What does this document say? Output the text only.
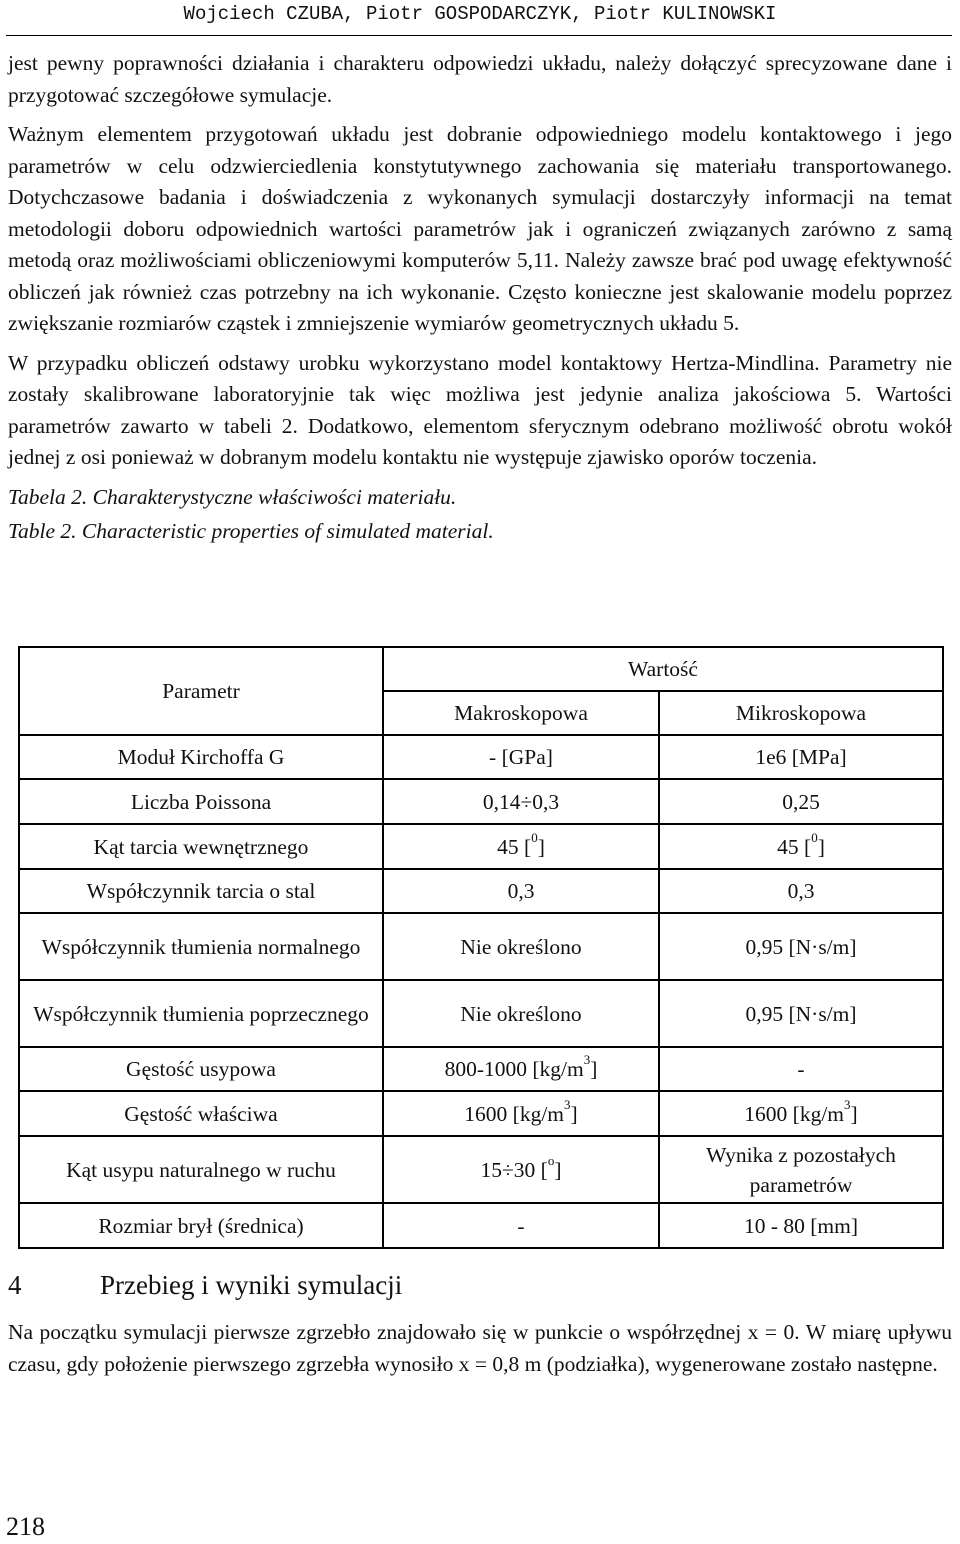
Wojciech CZUBA, Piotr GOSPODARCZYK, Piotr KULINOWSKI

jest pewny poprawności działania i charakteru odpowiedzi układu, należy dołączyć sprecyzowane dane i przygotować szczegółowe symulacje.

Ważnym elementem przygotowań układu jest dobranie odpowiedniego modelu kontaktowego i jego parametrów w celu odzwierciedlenia konstytutywnego zachowania się materiału transportowanego. Dotychczasowe badania i doświadczenia z wykonanych symulacji dostarczyły informacji na temat metodologii doboru odpowiednich wartości parametrów jak i ograniczeń związanych zarówno z samą metodą oraz możliwościami obliczeniowymi komputerów 5,11. Należy zawsze brać pod uwagę efektywność obliczeń jak również czas potrzebny na ich wykonanie. Często konieczne jest skalowanie modelu poprzez zwiększanie rozmiarów cząstek i zmniejszenie wymiarów geometrycznych układu 5.

W przypadku obliczeń odstawy urobku wykorzystano model kontaktowy Hertza-Mindlina. Parametry nie zostały skalibrowane laboratoryjnie tak więc możliwa jest jedynie analiza jakościowa 5. Wartości parametrów zawarto w tabeli 2. Dodatkowo, elementom sferycznym odebrano możliwość obrotu wokół jednej z osi ponieważ w dobranym modelu kontaktu nie występuje zjawisko oporów toczenia.

Tabela 2. Charakterystyczne właściwości materiału.

Table 2. Characteristic properties of simulated material.

Parametr	Wartość	
	Makroskopowa	Mikroskopowa
Moduł Kirchoffa G	- [GPa]	1e6 [MPa]
Liczba Poissona	0,14÷0,3	0,25
Kąt tarcia wewnętrznego	45 [$^0$]	45 [$^0$]
Współczynnik tarcia o stal	0,3	0,3
Współczynnik tłumienia normalnego	Nie określono	0,95 [N·s/m]
Współczynnik tłumienia poprzecznego	Nie określono	0,95 [N·s/m]
Gęstość usypowa	800-1000 $[kg/m^3]$	-
Gęstość właściwa	1600 $[kg/m^3]$	1600 $[kg/m^3]$
Kąt usypu naturalnego w ruchu	15÷30 [$^o$]	Wynika z pozostałych parametrów
Rozmiar brył (średnica)	-	10 - 80 [mm]
4	Przebieg i wyniki symulacji

Na początku symulacji pierwsze zgrzebło znajdowało się w punkcie o współrzędnej x = 0. W miarę upływu czasu, gdy położenie pierwszego zgrzebła wynosiło x = 0,8 m (podziałka), wygenerowane zostało następne.

218
